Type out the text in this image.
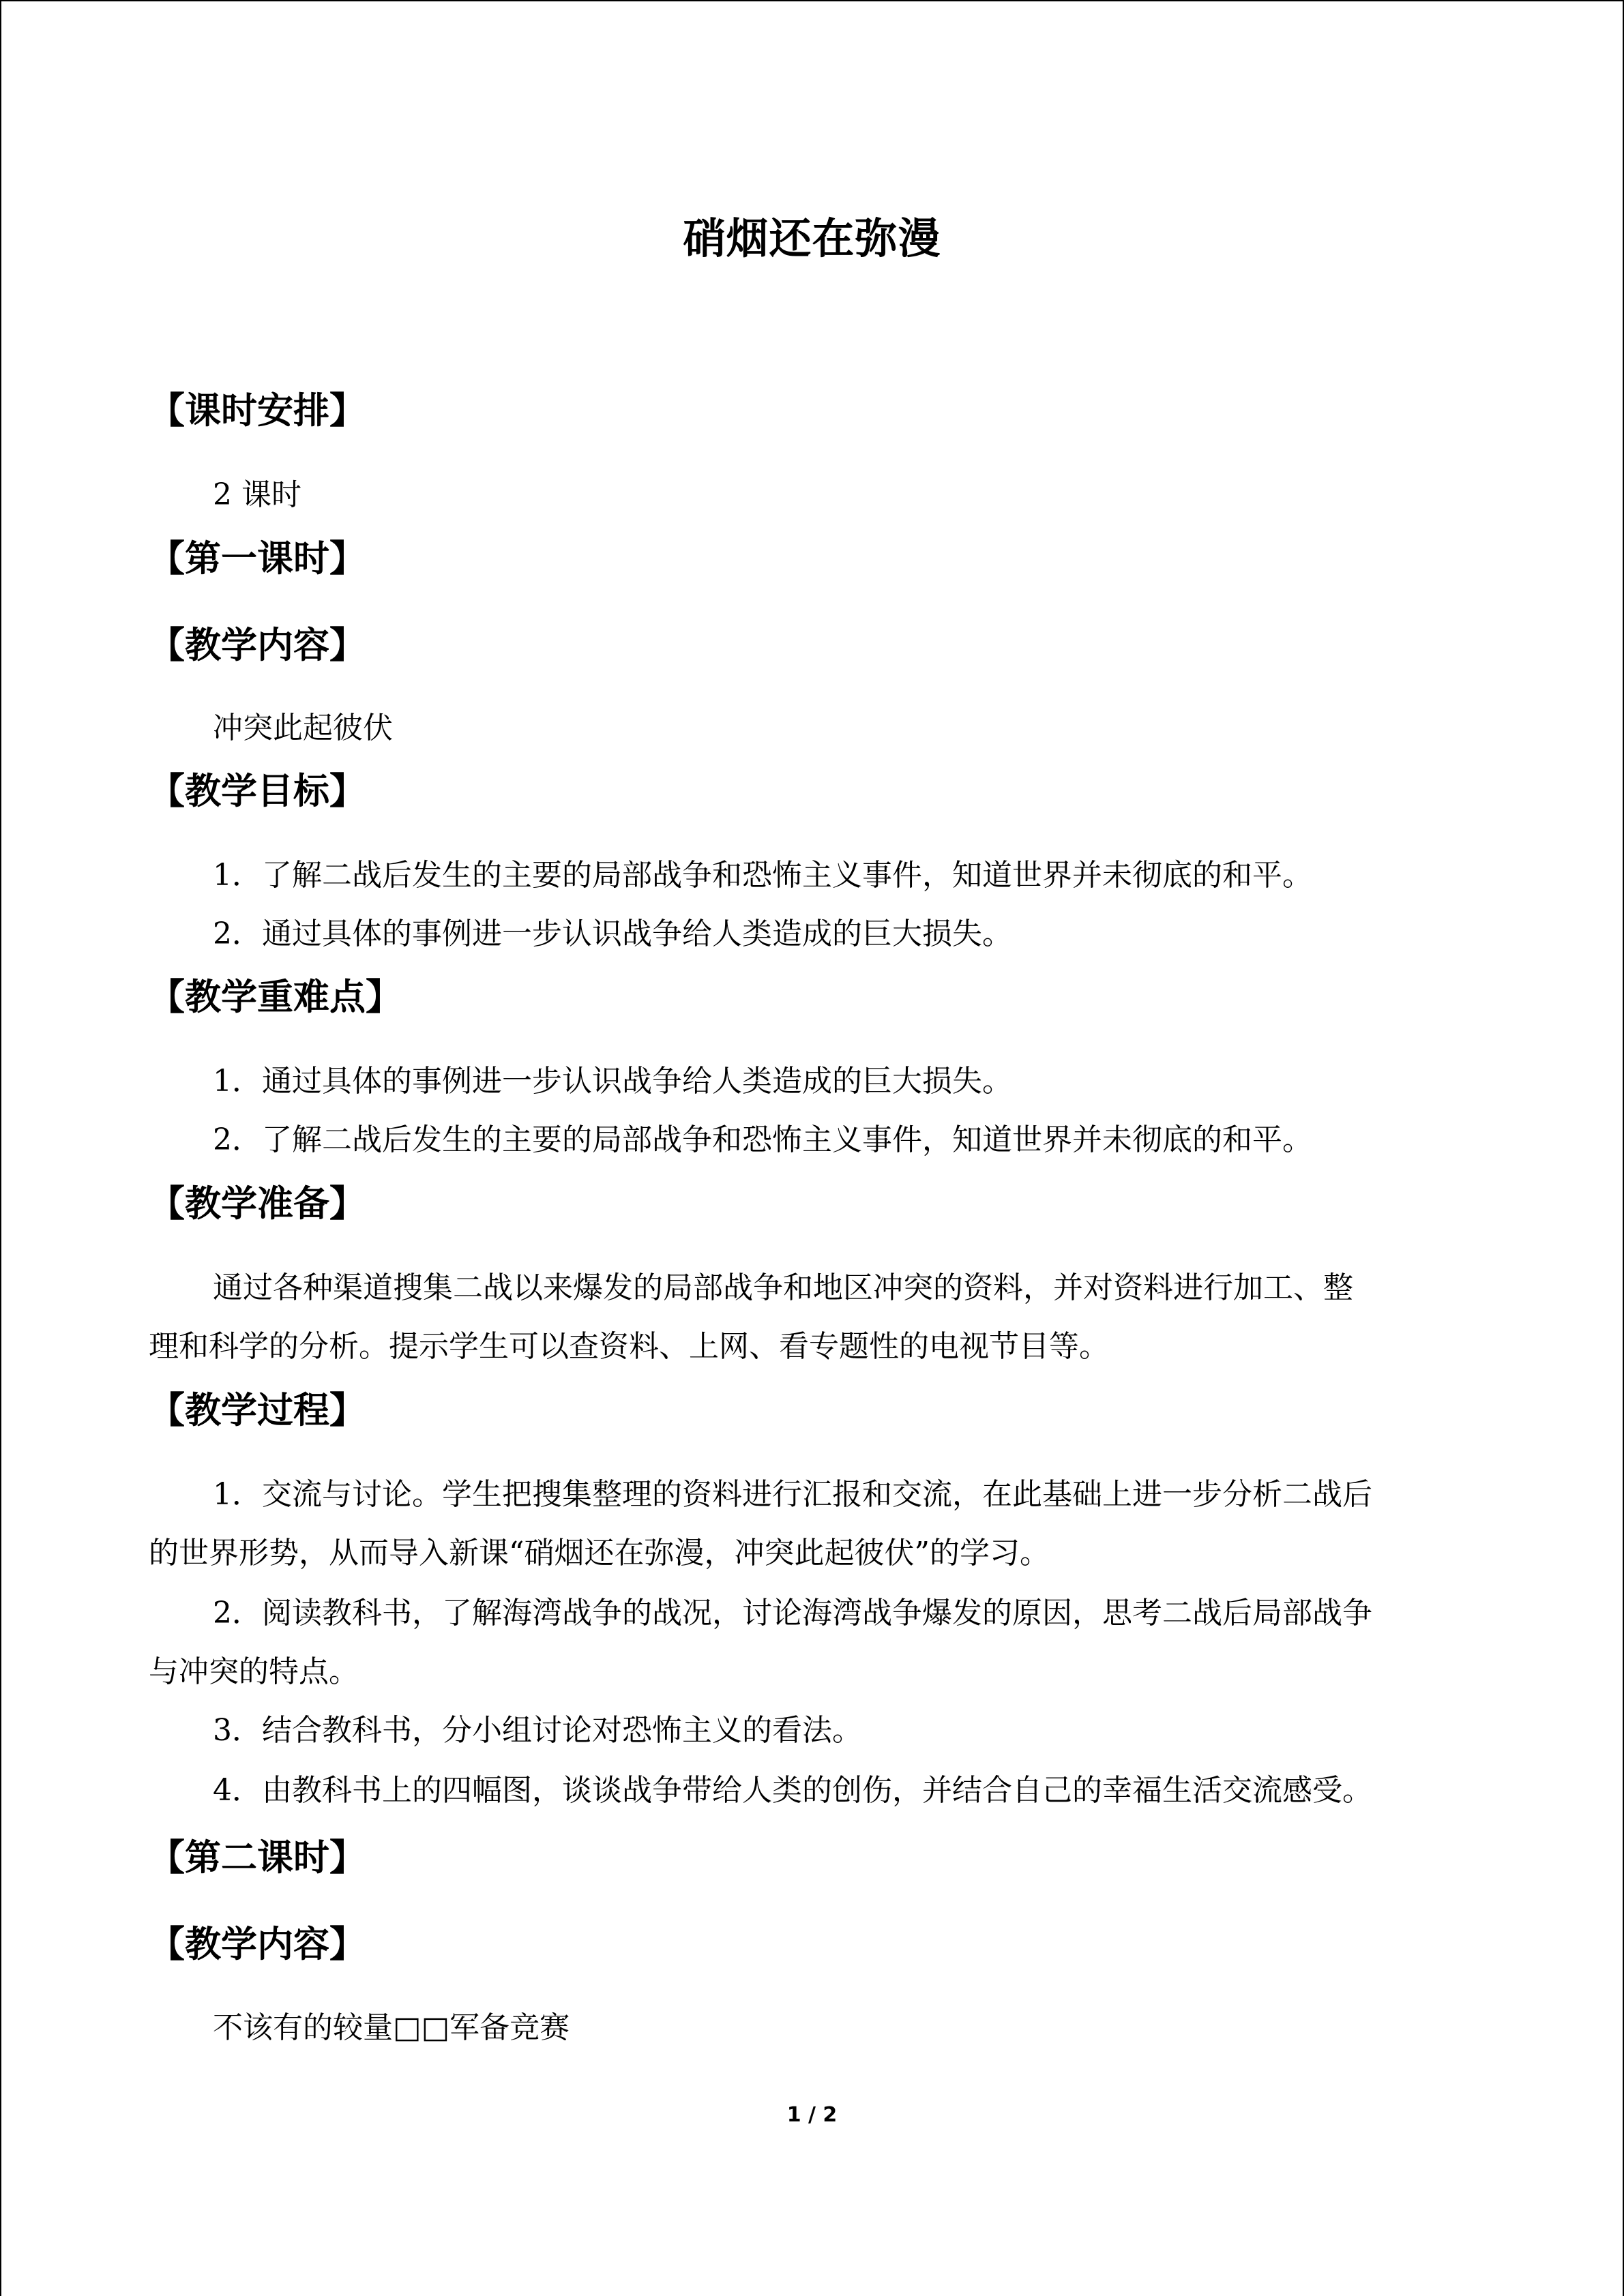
硝烟还在弥漫
【课时安排】
2 课时
【第一课时】
【教学内容】
冲突此起彼伏
【教学目标】
1．了解二战后发生的主要的局部战争和恐怖主义事件，知道世界并未彻底的和平。
2．通过具体的事例进一步认识战争给人类造成的巨大损失。
【教学重难点】
1．通过具体的事例进一步认识战争给人类造成的巨大损失。
2．了解二战后发生的主要的局部战争和恐怖主义事件，知道世界并未彻底的和平。
【教学准备】
通过各种渠道搜集二战以来爆发的局部战争和地区冲突的资料，并对资料进行加工、整
理和科学的分析。提示学生可以查资料、上网、看专题性的电视节目等。
【教学过程】
1．交流与讨论。学生把搜集整理的资料进行汇报和交流，在此基础上进一步分析二战后
的世界形势，从而导入新课“硝烟还在弥漫，冲突此起彼伏”的学习。
2．阅读教科书，了解海湾战争的战况，讨论海湾战争爆发的原因，思考二战后局部战争
与冲突的特点。
3．结合教科书，分小组讨论对恐怖主义的看法。
4．由教科书上的四幅图，谈谈战争带给人类的创伤，并结合自己的幸福生活交流感受。
【第二课时】
【教学内容】
不该有的较量□□军备竞赛
1 / 2
